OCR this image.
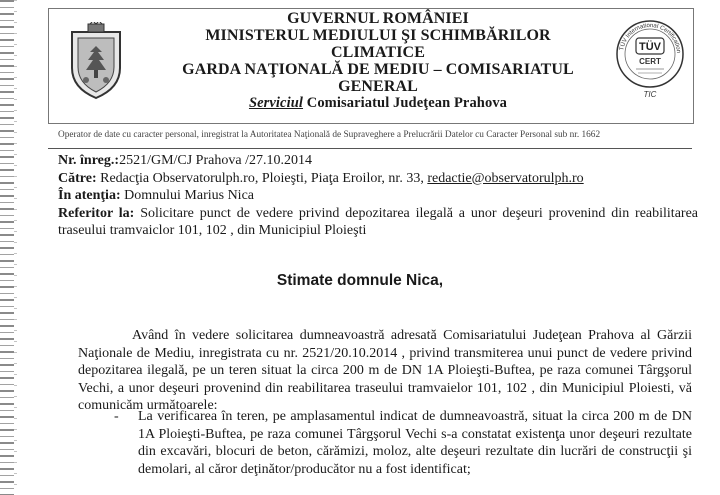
TÜV International Certification
TÜV
CERT
TIC
GUVERNUL ROMÂNIEI
MINISTERUL MEDIULUI ŞI SCHIMBĂRILOR
CLIMATICE
GARDA NAŢIONALĂ DE MEDIU – COMISARIATUL
GENERAL
Serviciul Comisariatul Judeţean Prahova
Operator de date cu caracter personal, inregistrat la Autoritatea Naţională de Supraveghere a Prelucrării Datelor cu Caracter Personal sub nr. 1662

Nr. înreg.:2521/GM/CJ Prahova /27.10.2014

Către: Redacţia Observatorulph.ro, Ploieşti, Piaţa Eroilor, nr. 33, redactie@observatorulph.ro

În atenţia: Domnului Marius Nica

Referitor la: Solicitare punct de vedere privind depozitarea ilegală a unor deşeuri provenind din reabilitarea traseului tramvaiclor 101, 102 , din Municipiul Ploieşti

Stimate domnule Nica,

Având în vedere solicitarea dumneavoastră adresată Comisariatului Judeţean Prahova al Gărzii Naţionale de Mediu, inregistrata cu nr. 2521/20.10.2014 , privind transmiterea unui punct de vedere privind depozitarea ilegală, pe un teren situat la circa 200 m de DN 1A Ploieşti-Buftea, pe raza comunei Târgşorul Vechi, a unor deşeuri provenind din reabilitarea traseului tramvaielor 101, 102 , din Municipiul Ploiesti, vă comunicăm următoarele:

- La verificarea în teren, pe amplasamentul indicat de dumneavoastră, situat la circa 200 m de DN 1A Ploieşti-Buftea, pe raza comunei Târgşorul Vechi s-a constatat existenţa unor deşeuri rezultate din excavări, blocuri de beton, cărămizi, moloz, alte deşeuri rezultate din lucrări de construcţii şi demolari, al căror deţinător/producător nu a fost identificat;
